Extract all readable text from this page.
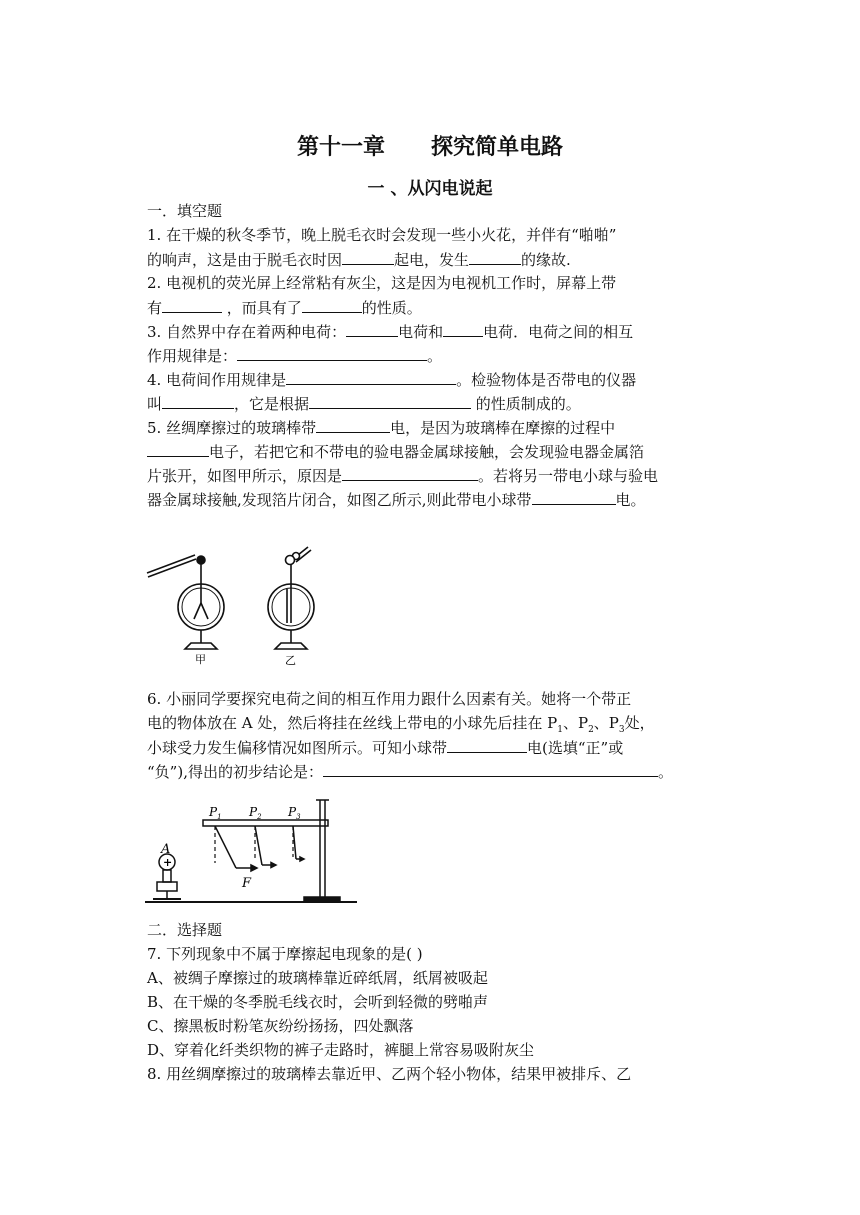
第十一章 探究简单电路
一 、从闪电说起
一．填空题
1. 在干燥的秋冬季节，晚上脱毛衣时会发现一些小火花，并伴有“啪啪”
的响声，这是由于脱毛衣时因	起电，发生	的缘故.
2. 电视机的荧光屏上经常粘有灰尘，这是因为电视机工作时，屏幕上带
有	，而具有了	的性质。
3. 自然界中存在着两种电荷：	电荷和	电荷．电荷之间的相互
作用规律是：	。
4. 电荷间作用规律是	。检验物体是否带电的仪器
叫	，它是根据	的性质制成的。
5. 丝绸摩擦过的玻璃棒带	电，是因为玻璃棒在摩擦的过程中
电子，若把它和不带电的验电器金属球接触，会发现验电器金属箔
片张开，如图甲所示，原因是	。若将另一带电小球与验电
器金属球接触,发现箔片闭合，如图乙所示,则此带电小球带	电。
甲	乙
6. 小丽同学要探究电荷之间的相互作用力跟什么因素有关。她将一个带正
电的物体放在 A 处，然后将挂在丝线上带电的小球先后挂在 $P_1$、$P_2$、$P_3$处，
小球受力发生偏移情况如图所示。可知小球带	电(选填“正”或
“负”),得出的初步结论是：	。
A
+
$P_1$ $P_2$ $P_3$
F
二．选择题
7. 下列现象中不属于摩擦起电现象的是( )
A、被绸子摩擦过的玻璃棒靠近碎纸屑，纸屑被吸起
B、在干燥的冬季脱毛线衣时，会听到轻微的劈啪声
C、擦黑板时粉笔灰纷纷扬扬，四处飘落
D、穿着化纤类织物的裤子走路时，裤腿上常容易吸附灰尘
8. 用丝绸摩擦过的玻璃棒去靠近甲、乙两个轻小物体，结果甲被排斥、乙
